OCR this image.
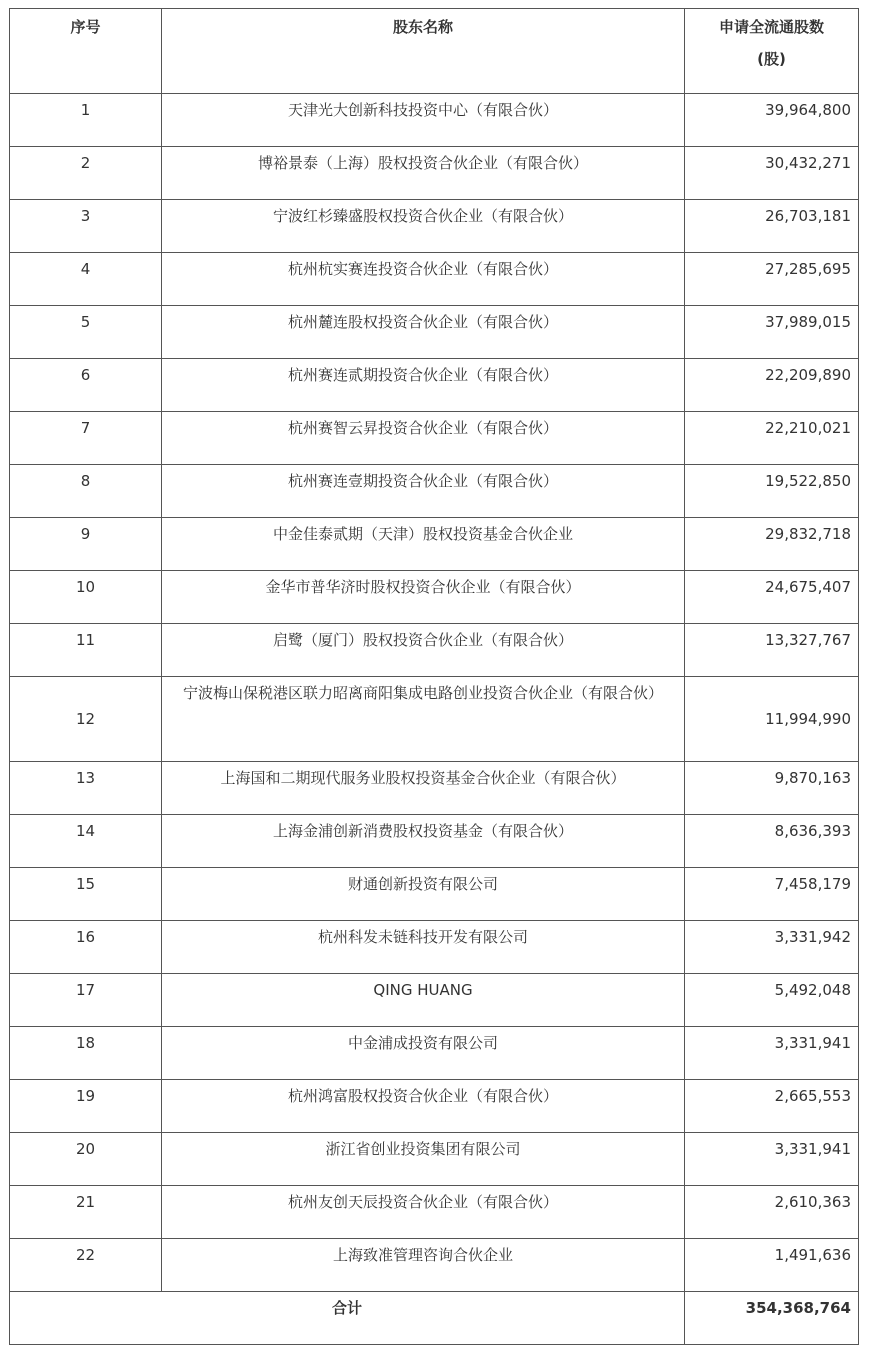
序号	股东名称	申请全流通股数
(股)

1	天津光大创新科技投资中心（有限合伙）	39,964,800
2	博裕景泰（上海）股权投资合伙企业（有限合伙）	30,432,271
3	宁波红杉臻盛股权投资合伙企业（有限合伙）	26,703,181
4	杭州杭实赛连投资合伙企业（有限合伙）	27,285,695
5	杭州麓连股权投资合伙企业（有限合伙）	37,989,015
6	杭州赛连贰期投资合伙企业（有限合伙）	22,209,890
7	杭州赛智云昇投资合伙企业（有限合伙）	22,210,021
8	杭州赛连壹期投资合伙企业（有限合伙）	19,522,850
9	中金佳泰贰期（天津）股权投资基金合伙企业	29,832,718
10	金华市普华济时股权投资合伙企业（有限合伙）	24,675,407
11	启鹭（厦门）股权投资合伙企业（有限合伙）	13,327,767
12	宁波梅山保税港区联力昭离商阳集成电路创业投资合伙企业（有限合伙）	11,994,990
13	上海国和二期现代服务业股权投资基金合伙企业（有限合伙）	9,870,163
14	上海金浦创新消费股权投资基金（有限合伙）	8,636,393
15	财通创新投资有限公司	7,458,179
16	杭州科发未链科技开发有限公司	3,331,942
17	QING HUANG	5,492,048
18	中金浦成投资有限公司	3,331,941
19	杭州鸿富股权投资合伙企业（有限合伙）	2,665,553
20	浙江省创业投资集团有限公司	3,331,941
21	杭州友创天辰投资合伙企业（有限合伙）	2,610,363
22	上海致准管理咨询合伙企业	1,491,636
合计		354,368,764
